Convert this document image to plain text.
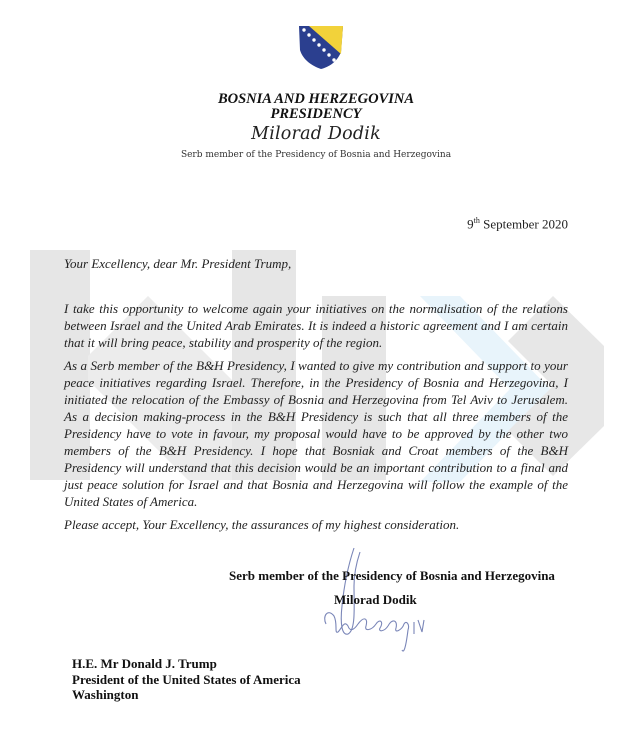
BOSNIA AND HERZEGOVINA
PRESIDENCY
Milorad Dodik
Serb member of the Presidency of Bosnia and Herzegovina
9th September 2020
Your Excellency, dear Mr. President Trump,

I take this opportunity to welcome again your initiatives on the normalisation of the relations between Israel and the United Arab Emirates. It is indeed a historic agreement and I am certain that it will bring peace, stability and prosperity of the region.

As a Serb member of the B&H Presidency, I wanted to give my contribution and support to your peace initiatives regarding Israel. Therefore, in the Presidency of Bosnia and Herzegovina, I initiated the relocation of the Embassy of Bosnia and Herzegovina from Tel Aviv to Jerusalem. As a decision making-process in the B&H Presidency is such that all three members of the Presidency have to vote in favour, my proposal would have to be approved by the other two members of the B&H Presidency. I hope that Bosniak and Croat members of the B&H Presidency will understand that this decision would be an important contribution to a final and just peace solution for Israel and that Bosnia and Herzegovina will follow the example of the United States of America.

Please accept, Your Excellency, the assurances of my highest consideration.

Serb member of the Presidency of Bosnia and Herzegovina
Milorad Dodik
H.E. Mr Donald J. Trump
President of the United States of America
Washington
